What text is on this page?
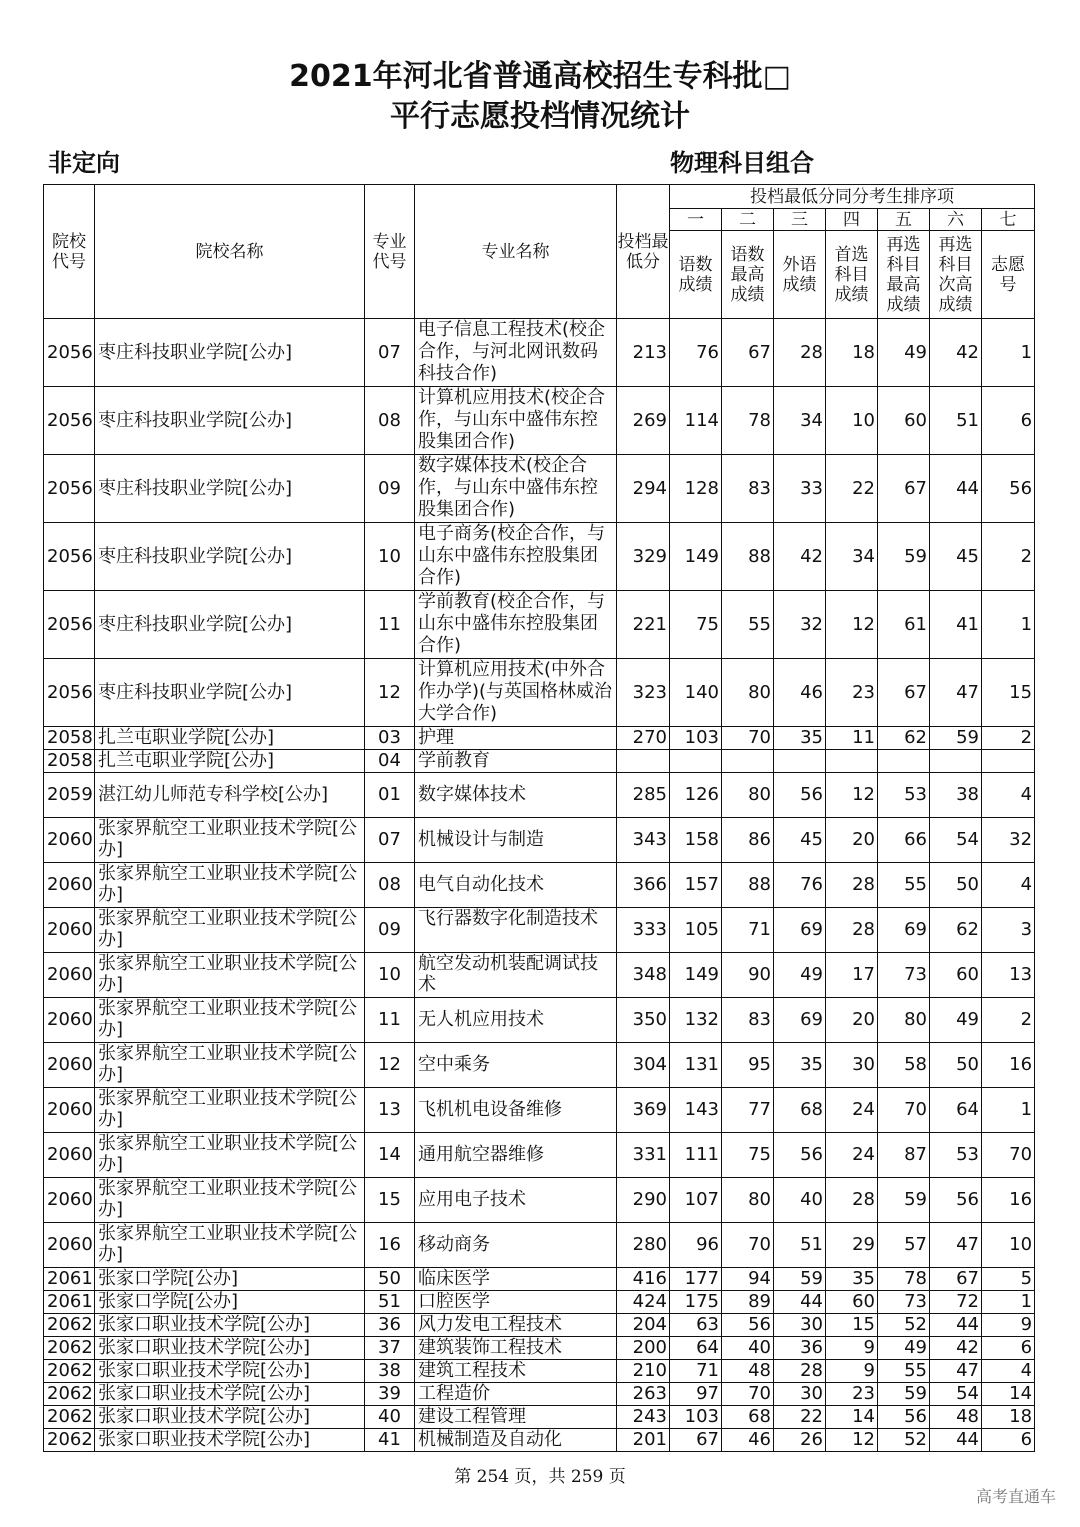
2021年河北省普通高校招生专科批□
平行志愿投档情况统计
非定向	物理科目组合
院校代号	院校名称	专业代号	专业名称	投档最低分	投档最低分同分考生排序项						
					一	二	三	四	五	六	七
					语数成绩	语数最高成绩	外语成绩	首选科目成绩	再选科目最高成绩	再选科目次高成绩	志愿号
2056	枣庄科技职业学院[公办]	07	电子信息工程技术(校企合作，与河北网讯数码科技合作)	213	76	67	28	18	49	42	1
2056	枣庄科技职业学院[公办]	08	计算机应用技术(校企合作，与山东中盛伟东控股集团合作)	269	114	78	34	10	60	51	6
2056	枣庄科技职业学院[公办]	09	数字媒体技术(校企合作，与山东中盛伟东控股集团合作)	294	128	83	33	22	67	44	56
2056	枣庄科技职业学院[公办]	10	电子商务(校企合作，与山东中盛伟东控股集团合作)	329	149	88	42	34	59	45	2
2056	枣庄科技职业学院[公办]	11	学前教育(校企合作，与山东中盛伟东控股集团合作)	221	75	55	32	12	61	41	1
2056	枣庄科技职业学院[公办]	12	计算机应用技术(中外合作办学)(与英国格林威治大学合作)	323	140	80	46	23	67	47	15
2058	扎兰屯职业学院[公办]	03	护理	270	103	70	35	11	62	59	2
2058	扎兰屯职业学院[公办]	04	学前教育								
2059	湛江幼儿师范专科学校[公办]	01	数字媒体技术	285	126	80	56	12	53	38	4
2060	张家界航空工业职业技术学院[公办]	07	机械设计与制造	343	158	86	45	20	66	54	32
2060	张家界航空工业职业技术学院[公办]	08	电气自动化技术	366	157	88	76	28	55	50	4
2060	张家界航空工业职业技术学院[公办]	09	飞行器数字化制造技术	333	105	71	69	28	69	62	3
2060	张家界航空工业职业技术学院[公办]	10	航空发动机装配调试技术	348	149	90	49	17	73	60	13
2060	张家界航空工业职业技术学院[公办]	11	无人机应用技术	350	132	83	69	20	80	49	2
2060	张家界航空工业职业技术学院[公办]	12	空中乘务	304	131	95	35	30	58	50	16
2060	张家界航空工业职业技术学院[公办]	13	飞机机电设备维修	369	143	77	68	24	70	64	1
2060	张家界航空工业职业技术学院[公办]	14	通用航空器维修	331	111	75	56	24	87	53	70
2060	张家界航空工业职业技术学院[公办]	15	应用电子技术	290	107	80	40	28	59	56	16
2060	张家界航空工业职业技术学院[公办]	16	移动商务	280	96	70	51	29	57	47	10
2061	张家口学院[公办]	50	临床医学	416	177	94	59	35	78	67	5
2061	张家口学院[公办]	51	口腔医学	424	175	89	44	60	73	72	1
2062	张家口职业技术学院[公办]	36	风力发电工程技术	204	63	56	30	15	52	44	9
2062	张家口职业技术学院[公办]	37	建筑装饰工程技术	200	64	40	36	9	49	42	6
2062	张家口职业技术学院[公办]	38	建筑工程技术	210	71	48	28	9	55	47	4
2062	张家口职业技术学院[公办]	39	工程造价	263	97	70	30	23	59	54	14
2062	张家口职业技术学院[公办]	40	建设工程管理	243	103	68	22	14	56	48	18
2062	张家口职业技术学院[公办]	41	机械制造及自动化	201	67	46	26	12	52	44	6
第 254 页，共 259 页
高考直通车
